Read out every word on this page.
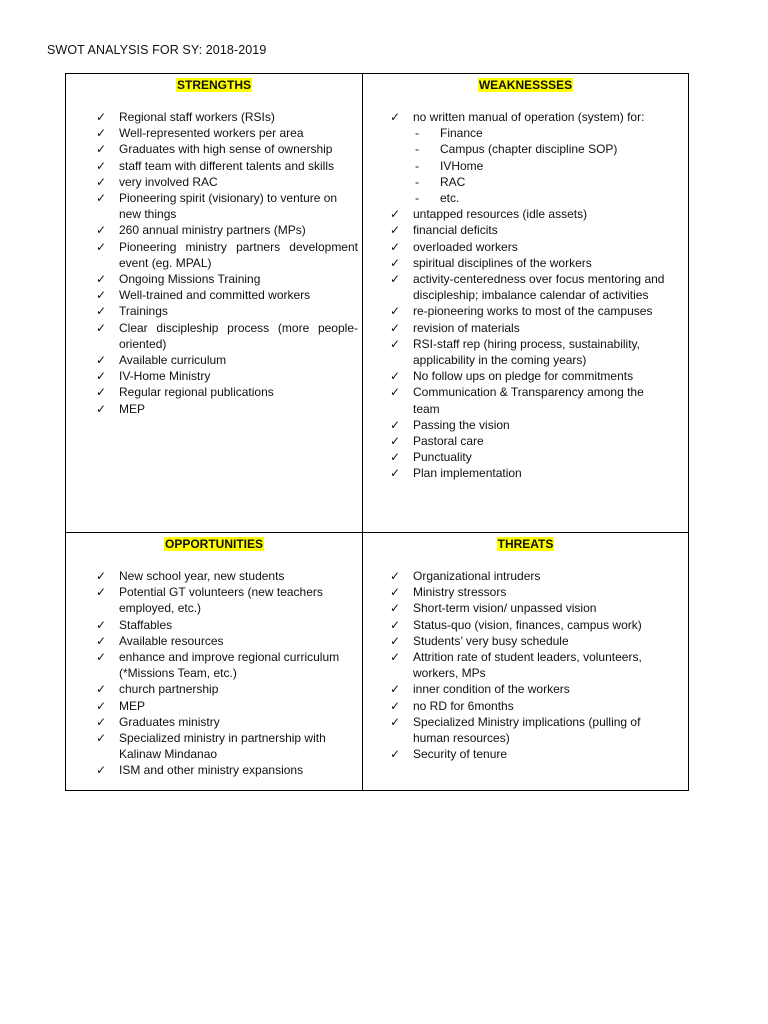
SWOT ANALYSIS FOR SY: 2018-2019
STRENGTHS
✓ Regional staff workers (RSIs)
✓ Well-represented workers per area
✓ Graduates with high sense of ownership
✓ staff team with different talents and skills
✓ very involved RAC
✓ Pioneering spirit (visionary) to venture on new things
✓ 260 annual ministry partners (MPs)
✓ Pioneering ministry partners development event (eg. MPAL)
✓ Ongoing Missions Training
✓ Well-trained and committed workers
✓ Trainings
✓ Clear discipleship process (more people-oriented)
✓ Available curriculum
✓ IV-Home Ministry
✓ Regular regional publications
✓ MEP
WEAKNESSSES
✓ no written manual of operation (system) for:
- Finance
- Campus (chapter discipline SOP)
- IVHome
- RAC
- etc.
✓ untapped resources (idle assets)
✓ financial deficits
✓ overloaded workers
✓ spiritual disciplines of the workers
✓ activity-centeredness over focus mentoring and discipleship; imbalance calendar of activities
✓ re-pioneering works to most of the campuses
✓ revision of materials
✓ RSI-staff rep (hiring process, sustainability, applicability in the coming years)
✓ No follow ups on pledge for commitments
✓ Communication & Transparency among the team
✓ Passing the vision
✓ Pastoral care
✓ Punctuality
✓ Plan implementation
OPPORTUNITIES
✓ New school year, new students
✓ Potential GT volunteers (new teachers employed, etc.)
✓ Staffables
✓ Available resources
✓ enhance and improve regional curriculum (*Missions Team, etc.)
✓ church partnership
✓ MEP
✓ Graduates ministry
✓ Specialized ministry in partnership with Kalinaw Mindanao
✓ ISM and other ministry expansions
THREATS
✓ Organizational intruders
✓ Ministry stressors
✓ Short-term vision/ unpassed vision
✓ Status-quo (vision, finances, campus work)
✓ Students’ very busy schedule
✓ Attrition rate of student leaders, volunteers, workers, MPs
✓ inner condition of the workers
✓ no RD for 6months
✓ Specialized Ministry implications (pulling of human resources)
✓ Security of tenure
